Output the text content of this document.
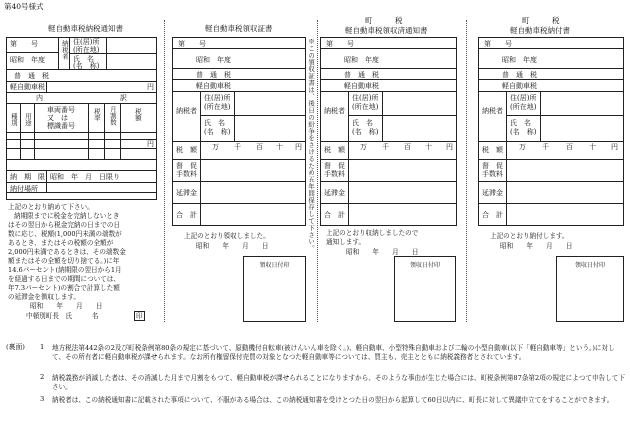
第40号様式
軽自動車税納税通知書
第　　号
昭和　年度
納税者 住(居)所
(所在地)
氏　名
(名　称)
普　通　税
軽自動車税	円
内	訳
種別 用途
車両番号
又　は
標識番号
税率 月割数	税額
円
納　期　限 昭和　年　月　日限り
納付場所
上記のとおり納めて下さい。
納期限までに税金を完納しないとき
はその翌日から税金完納の日までの日
数に応じ、税額(1,000円未満の端数が
あるとき、またはその税額の全額が
2,000円未満であるときは、その端数金
額またはその全額を切り捨てる。)に年
14.6パーセント(納期限の翌日から1月
を経過する日までの期間については、
年7.3パーセント)の割合で計算した額
の延滞金を徴収します。
昭和　　年　　月　　日
中頓別町長　氏　　　名	印
軽自動車税領収証書
第　　号
昭和　年度
普　通　税
軽自動車税
納税者
住(居)所
(所在地)
氏　名
(名　称)
税　額 万 千 百 十 円
督　促
手数料
延滞金
合　計
上記のとおり領収しました。
昭和　　年　　月　　日
領収日付印
※この領収証書は、後日の紛争をさけるため五年間保存して下さい。
町　　　税
軽自動車税領収済通知書
第　　号
昭和　年度
普　通　税
軽自動車税
納税者
住(居)所
(所在地)
氏　名
(名　称)
税　額 万 千 百 十 円
督　促
手数料
延滞金
合　計
上記のとおり収納しましたので
通知します。
昭和　　年　　月　　日
領収日付印
町　　　税
軽自動車税納付書
第　　号
昭和　年度
普　通　税
軽自動車税
納税者
住(居)所
(所在地)
氏　名
(名　称)
税　額 万 千 百 十 円
督　促
手数料
延滞金
合　計
上記のとおり納付します。
昭和　　年　　月　　日
領収日付印
(裏面) 1 地方税法第442条の2及び町税条例第80条の規定に基づいて、原動機付自転車(被けんいん車を除く。)、軽自動車、小型特殊自動車および二輪の小型自動車(以下「軽自動車等」という。)に対して、その所有者に軽自動車税が課せられます。なお所有権留保付売買の対象となつた軽自動車等については、買主も、売主とともに納税義務者とされています。
2 納税義務が消滅した者は、その消滅した月まで月割をもつて、軽自動車税が課せられることになりますから、そのような事由が生じた場合には、町税条例第87条第2項の規定によつて申告して下さい。
3 納税者は、この納税通知書に記載された事項について、不服がある場合は、この納税通知書を受けとつた日の翌日から起算して60日以内に、町長に対して異議申立てをすることができます。
